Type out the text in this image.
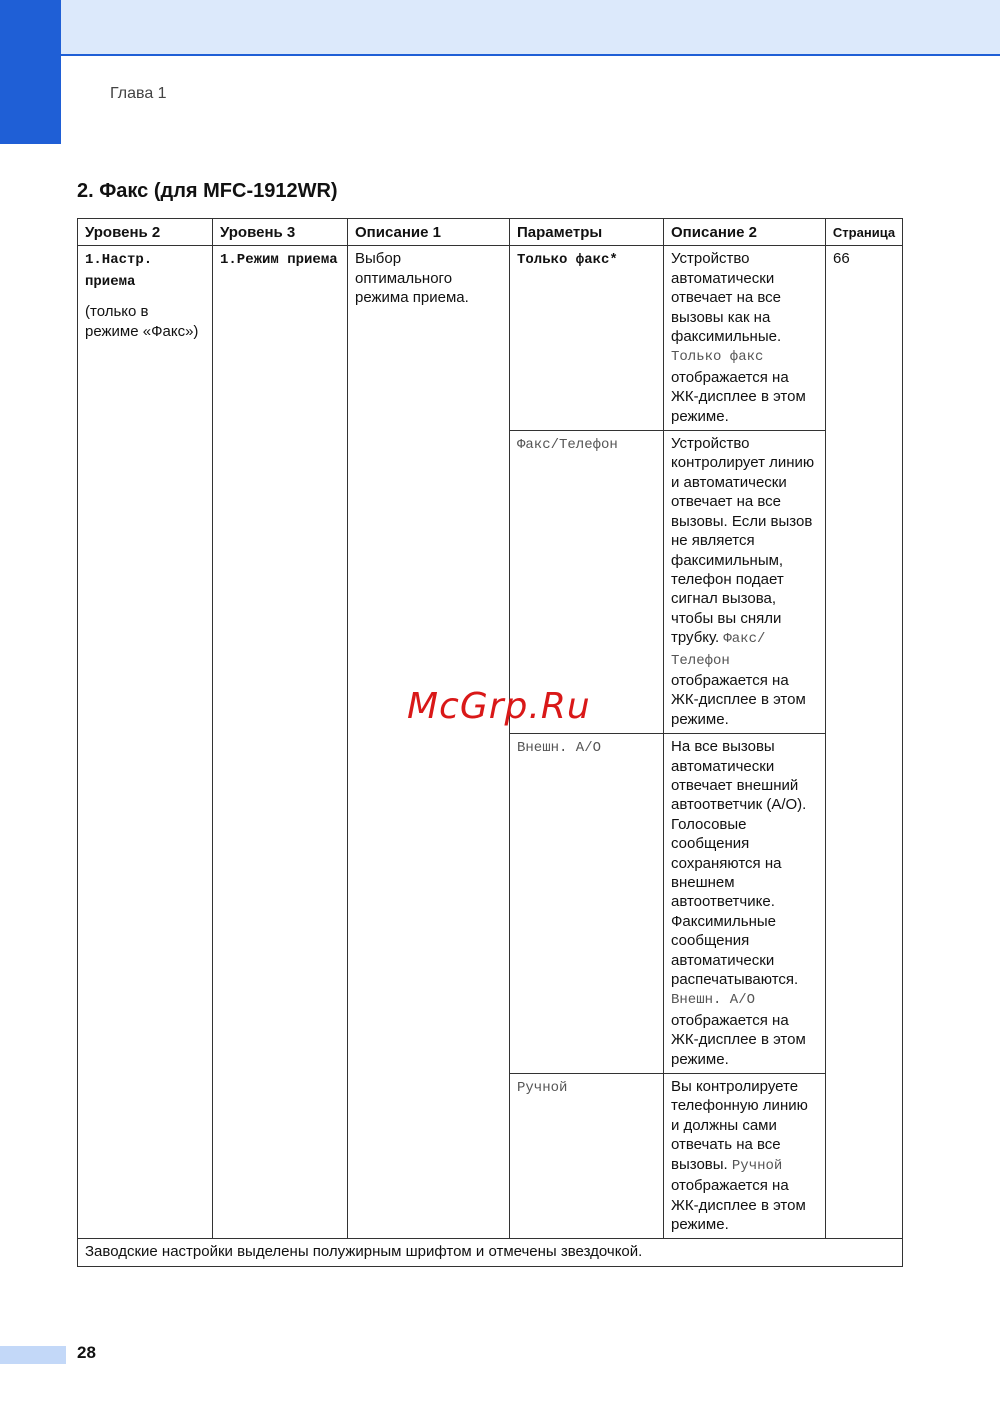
Глава 1
2. Факс (для MFC-1912WR)
Уровень 2	Уровень 3	Описание 1	Параметры	Описание 2	Страница
1.Настр. приема
(только в режиме «Факс»)	1.Режим приема	Выбор оптимального режима приема.	Только факс*	Устройство автоматически отвечает на все вызовы как на факсимильные. Только факс отображается на ЖК-дисплее в этом режиме.	66
			Факс/Телефон	Устройство контролирует линию и автоматически отвечает на все вызовы. Если вызов не является факсимильным, телефон подает сигнал вызова, чтобы вы сняли трубку. Факс/Телефон отображается на ЖК-дисплее в этом режиме.	
			Внешн. А/О	На все вызовы автоматически отвечает внешний автоответчик (А/О). Голосовые сообщения сохраняются на внешнем автоответчике. Факсимильные сообщения автоматически распечатываются. Внешн. А/О отображается на ЖК-дисплее в этом режиме.	
			Ручной	Вы контролируете телефонную линию и должны сами отвечать на все вызовы. Ручной отображается на ЖК-дисплее в этом режиме.	
Заводские настройки выделены полужирным шрифтом и отмечены звездочкой.					
McGrp.Ru
28
